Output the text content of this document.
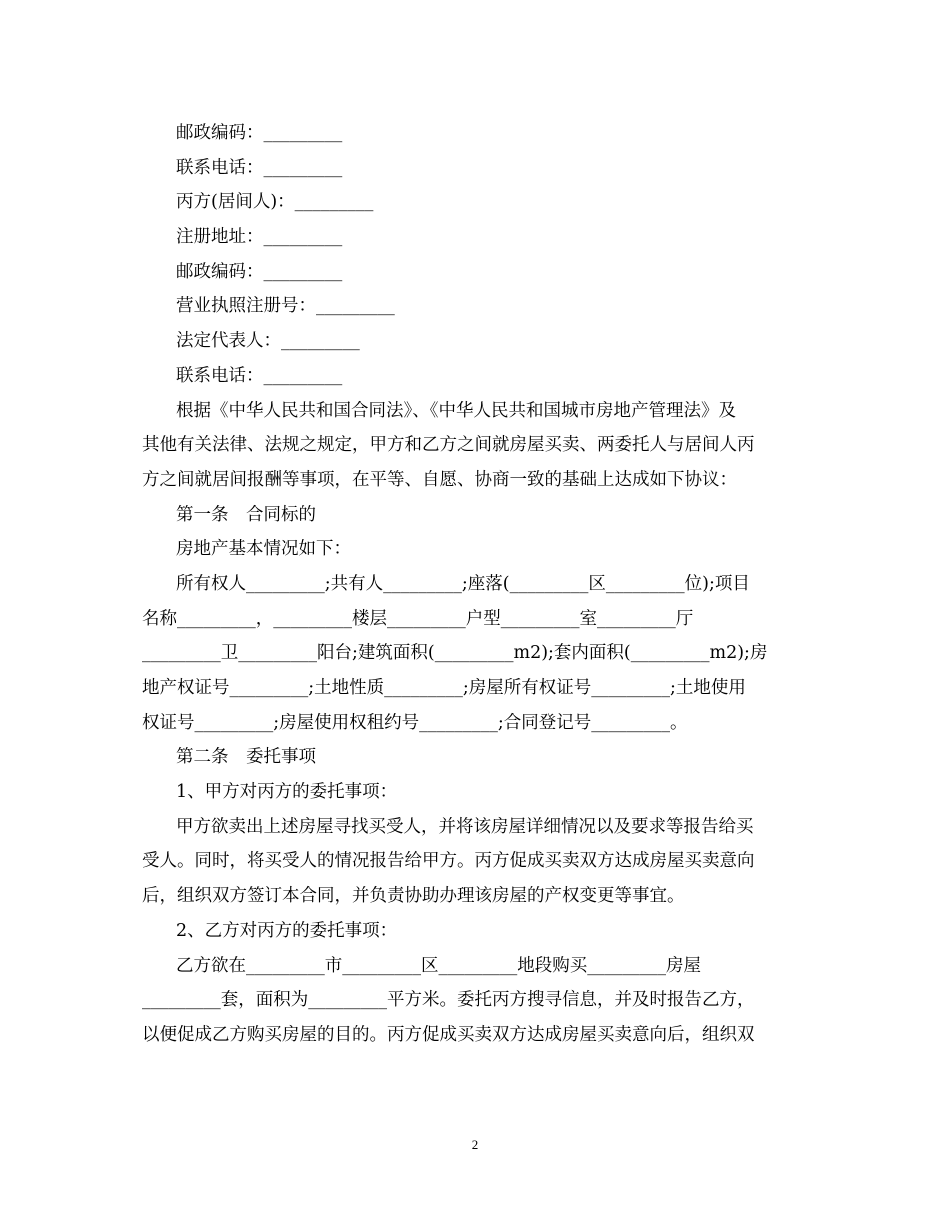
邮政编码：_________
联系电话：_________
丙方(居间人)：_________
注册地址：_________
邮政编码：_________
营业执照注册号：_________
法定代表人：_________
联系电话：_________
根据《中华人民共和国合同法》、《中华人民共和国城市房地产管理法》及
其他有关法律、法规之规定，甲方和乙方之间就房屋买卖、两委托人与居间人丙
方之间就居间报酬等事项，在平等、自愿、协商一致的基础上达成如下协议：
第一条　合同标的
房地产基本情况如下：
所有权人_________;共有人_________;座落(_________区_________位);项目
名称_________，_________楼层_________户型_________室_________厅
_________卫_________阳台;建筑面积(_________m2);套内面积(_________m2);房
地产权证号_________;土地性质_________;房屋所有权证号_________;土地使用
权证号_________;房屋使用权租约号_________;合同登记号_________。
第二条　委托事项
1、甲方对丙方的委托事项：
甲方欲卖出上述房屋寻找买受人，并将该房屋详细情况以及要求等报告给买
受人。同时，将买受人的情况报告给甲方。丙方促成买卖双方达成房屋买卖意向
后，组织双方签订本合同，并负责协助办理该房屋的产权变更等事宜。
2、乙方对丙方的委托事项：
乙方欲在_________市_________区_________地段购买_________房屋
_________套，面积为_________平方米。委托丙方搜寻信息，并及时报告乙方，
以便促成乙方购买房屋的目的。丙方促成买卖双方达成房屋买卖意向后，组织双
2
